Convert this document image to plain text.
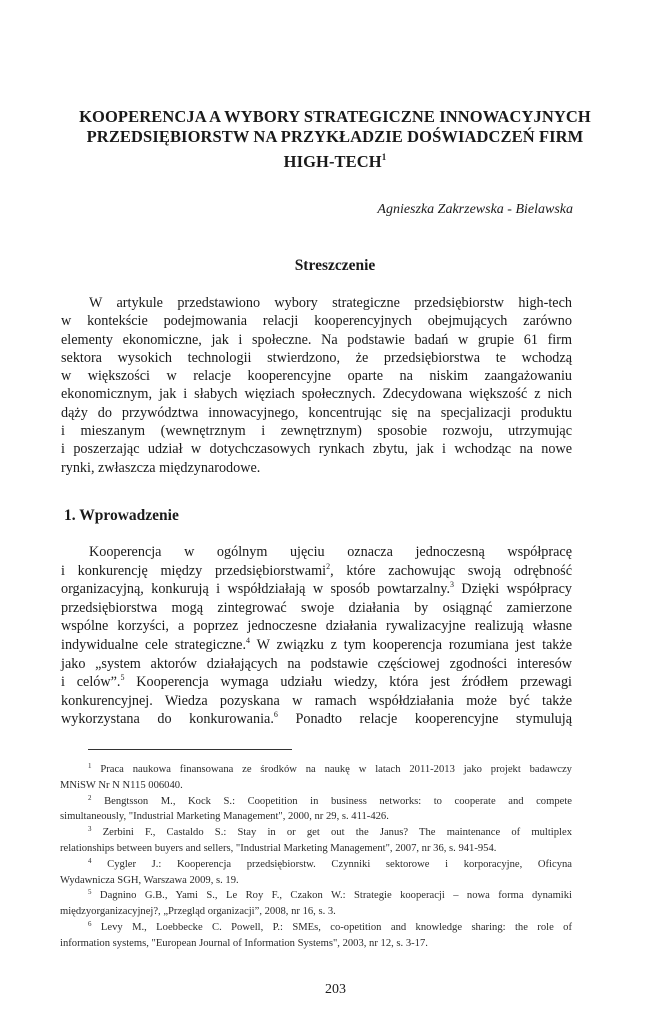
KOOPERENCJA A WYBORY STRATEGICZNE INNOWACYJNYCH
PRZEDSIĘBIORSTW NA PRZYKŁADZIE DOŚWIADCZEŃ FIRM
HIGH-TECH$^1$
Agnieszka Zakrzewska - Bielawska
Streszczenie
W artykule przedstawiono wybory strategiczne przedsiębiorstw high-tech
w kontekście podejmowania relacji kooperencyjnych obejmujących zarówno
elementy ekonomiczne, jak i społeczne. Na podstawie badań w grupie 61 firm
sektora wysokich technologii stwierdzono, że przedsiębiorstwa te wchodzą
w większości w relacje kooperencyjne oparte na niskim zaangażowaniu
ekonomicznym, jak i słabych więziach społecznych. Zdecydowana większość z nich
dąży do przywództwa innowacyjnego, koncentrując się na specjalizacji produktu
i mieszanym (wewnętrznym i zewnętrznym) sposobie rozwoju, utrzymując
i poszerzając udział w dotychczasowych rynkach zbytu, jak i wchodząc na nowe
rynki, zwłaszcza międzynarodowe.
1. Wprowadzenie
Kooperencja w ogólnym ujęciu oznacza jednoczesną współpracę
i konkurencję między przedsiębiorstwami$^2$, które zachowując swoją odrębność
organizacyjną, konkurują i współdziałają w sposób powtarzalny.$^3$ Dzięki współpracy
przedsiębiorstwa mogą zintegrować swoje działania by osiągnąć zamierzone
wspólne korzyści, a poprzez jednoczesne działania rywalizacyjne realizują własne
indywidualne cele strategiczne.$^4$ W związku z tym kooperencja rozumiana jest także
jako „system aktorów działających na podstawie częściowej zgodności interesów
i celów”.$^5$ Kooperencja wymaga udziału wiedzy, która jest źródłem przewagi
konkurencyjnej. Wiedza pozyskana w ramach współdziałania może być także
wykorzystana do konkurowania.$^6$ Ponadto relacje kooperencyjne stymulują
$^1$ Praca naukowa finansowana ze środków na naukę w latach 2011-2013 jako projekt badawczy
MNiSW Nr N N115 006040.
$^2$ Bengtsson M., Kock S.: Coopetition in business networks: to cooperate and compete
simultaneously, "Industrial Marketing Management", 2000, nr 29, s. 411-426.
$^3$ Zerbini F., Castaldo S.: Stay in or get out the Janus? The maintenance of multiplex
relationships between buyers and sellers, "Industrial Marketing Management", 2007, nr 36, s. 941-954.
$^4$ Cygler J.: Kooperencja przedsiębiorstw. Czynniki sektorowe i korporacyjne, Oficyna
Wydawnicza SGH, Warszawa 2009, s. 19.
$^5$ Dagnino G.B., Yami S., Le Roy F., Czakon W.: Strategie kooperacji – nowa forma dynamiki
międzyorganizacyjnej?, „Przegląd organizacji”, 2008, nr 16, s. 3.
$^6$ Levy M., Loebbecke C. Powell, P.: SMEs, co-opetition and knowledge sharing: the role of
information systems, "European Journal of Information Systems", 2003, nr 12, s. 3-17.
203
